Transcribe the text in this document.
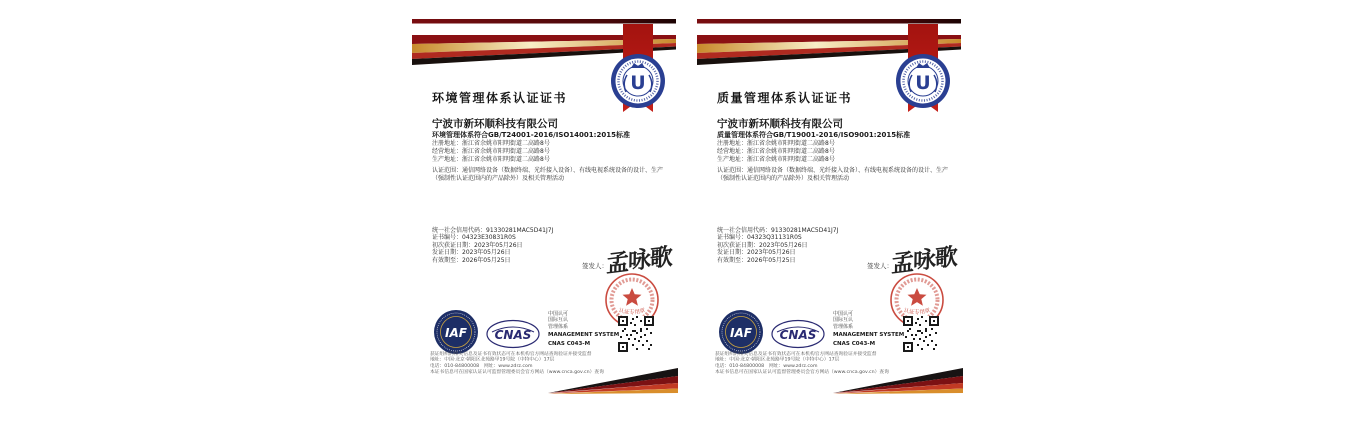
U
环境管理体系认证证书
宁波市新环顺科技有限公司
环境管理体系符合GB/T24001-2016/ISO14001:2015标准
注册地址：浙江省余姚市阳明街道二高路8号
经营地址：浙江省余姚市阳明街道二高路8号
生产地址：浙江省余姚市阳明街道二高路8号
认证范围：通信网络设备（数据终端、光纤接入设备）、有线电视系统设备的设计、生产（强制性认证范围内的产品除外）及相关管理活动
统一社会信用代码：91330281MAC5D41J7J
证书编号：04323E30831R0S
初次获证日期：2023年05月26日
发证日期：2023年05月26日
有效期至：2026年05月25日
签发人：
孟咏歌
认证专用章
IAF CNAS
中国认可
国际互认
管理体系
MANAGEMENT SYSTEM
CNAS C043-M
获证组织的相关信息及证书有效状态可在本机构官方网站查询验证并接受监督
地址：中国·北京·朝阳区北苑路甲19号院（中特中心）17层
电话：010-84800008　网址：www.zdrz.com
本证书信息可在国家认证认可监督管理委员会官方网站（www.cnca.gov.cn）查询
U
质量管理体系认证证书
宁波市新环顺科技有限公司
质量管理体系符合GB/T19001-2016/ISO9001:2015标准
注册地址：浙江省余姚市阳明街道二高路8号
经营地址：浙江省余姚市阳明街道二高路8号
生产地址：浙江省余姚市阳明街道二高路8号
认证范围：通信网络设备（数据终端、光纤接入设备）、有线电视系统设备的设计、生产（强制性认证范围内的产品除外）及相关管理活动
统一社会信用代码：91330281MAC5D41J7J
证书编号：04323Q31131R0S
初次获证日期：2023年05月26日
发证日期：2023年05月26日
有效期至：2026年05月25日
签发人：
孟咏歌
认证专用章
IAF CNAS
中国认可
国际互认
管理体系
MANAGEMENT SYSTEM
CNAS C043-M
获证组织的相关信息及证书有效状态可在本机构官方网站查询验证并接受监督
地址：中国·北京·朝阳区北苑路甲19号院（中特中心）17层
电话：010-84800008　网址：www.zdrz.com
本证书信息可在国家认证认可监督管理委员会官方网站（www.cnca.gov.cn）查询
